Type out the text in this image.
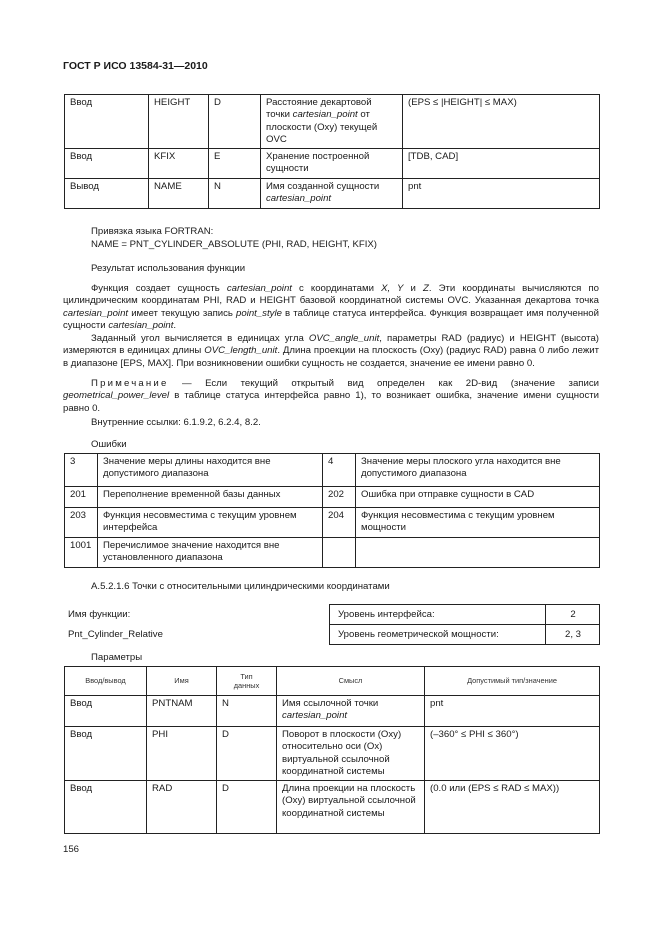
ГОСТ Р ИСО 13584-31—2010
Ввод	HEIGHT	D	Расстояние декартовой точки cartesian_point от плоскости (Oxy) текущей OVC	(EPS ≤ |HEIGHT| ≤ MAX)
Ввод	KFIX	E	Хранение построенной сущности	[TDB, CAD]
Вывод	NAME	N	Имя созданной сущности cartesian_point	pnt
Привязка языка FORTRAN:
NAME = PNT_CYLINDER_ABSOLUTE (PHI, RAD, HEIGHT, KFIX)
Результат использования функции

Функция создает сущность cartesian_point с координатами X, Y и Z. Эти координаты вычисляются по цилиндрическим координатам PHI, RAD и HEIGHT базовой координатной системы OVC. Указанная декартова точка cartesian_point имеет текущую запись point_style в таблице статуса интерфейса. Функция возвращает имя полученной сущности cartesian_point.

Заданный угол вычисляется в единицах угла OVC_angle_unit, параметры RAD (радиус) и HEIGHT (высота) измеряются в единицах длины OVC_length_unit. Длина проекции на плоскость (Oxy) (радиус RAD) равна 0 либо лежит в диапазоне [EPS, MAX]. При возникновении ошибки сущность не создается, значение ее имени равно 0.

Примечание — Если текущий открытый вид определен как 2D-вид (значение записи geometrical_power_level в таблице статуса интерфейса равно 1), то возникает ошибка, значение имени сущности равно 0.

Внутренние ссылки: 6.1.9.2, 6.2.4, 8.2.
Ошибки
3	Значение меры длины находится вне допустимого диапазона	4	Значение меры плоского угла находится вне допустимого диапазона
201	Переполнение временной базы данных	202	Ошибка при отправке сущности в CAD
203	Функция несовместима с текущим уровнем интерфейса	204	Функция несовместима с текущим уровнем мощности
1001	Перечислимое значение находится вне установленного диапазона		
A.5.2.1.6 Точки с относительными цилиндрическими координатами
Имя функции:
Pnt_Cylinder_Relative
Уровень интерфейса:	2
Уровень геометрической мощности:	2, 3
Параметры
Ввод/вывод	Имя	Тип данных	Смысл	Допустимый тип/значение
Ввод	PNTNAM	N	Имя ссылочной точки cartesian_point	pnt
Ввод	PHI	D	Поворот в плоскости (Oxy) относительно оси (Ox) виртуальной ссылочной координатной системы	(–360° ≤ PHI ≤ 360°)
Ввод	RAD	D	Длина проекции на плоскость (Oxy) виртуальной ссылочной координатной системы	(0.0 или (EPS ≤ RAD ≤ MAX))
156
